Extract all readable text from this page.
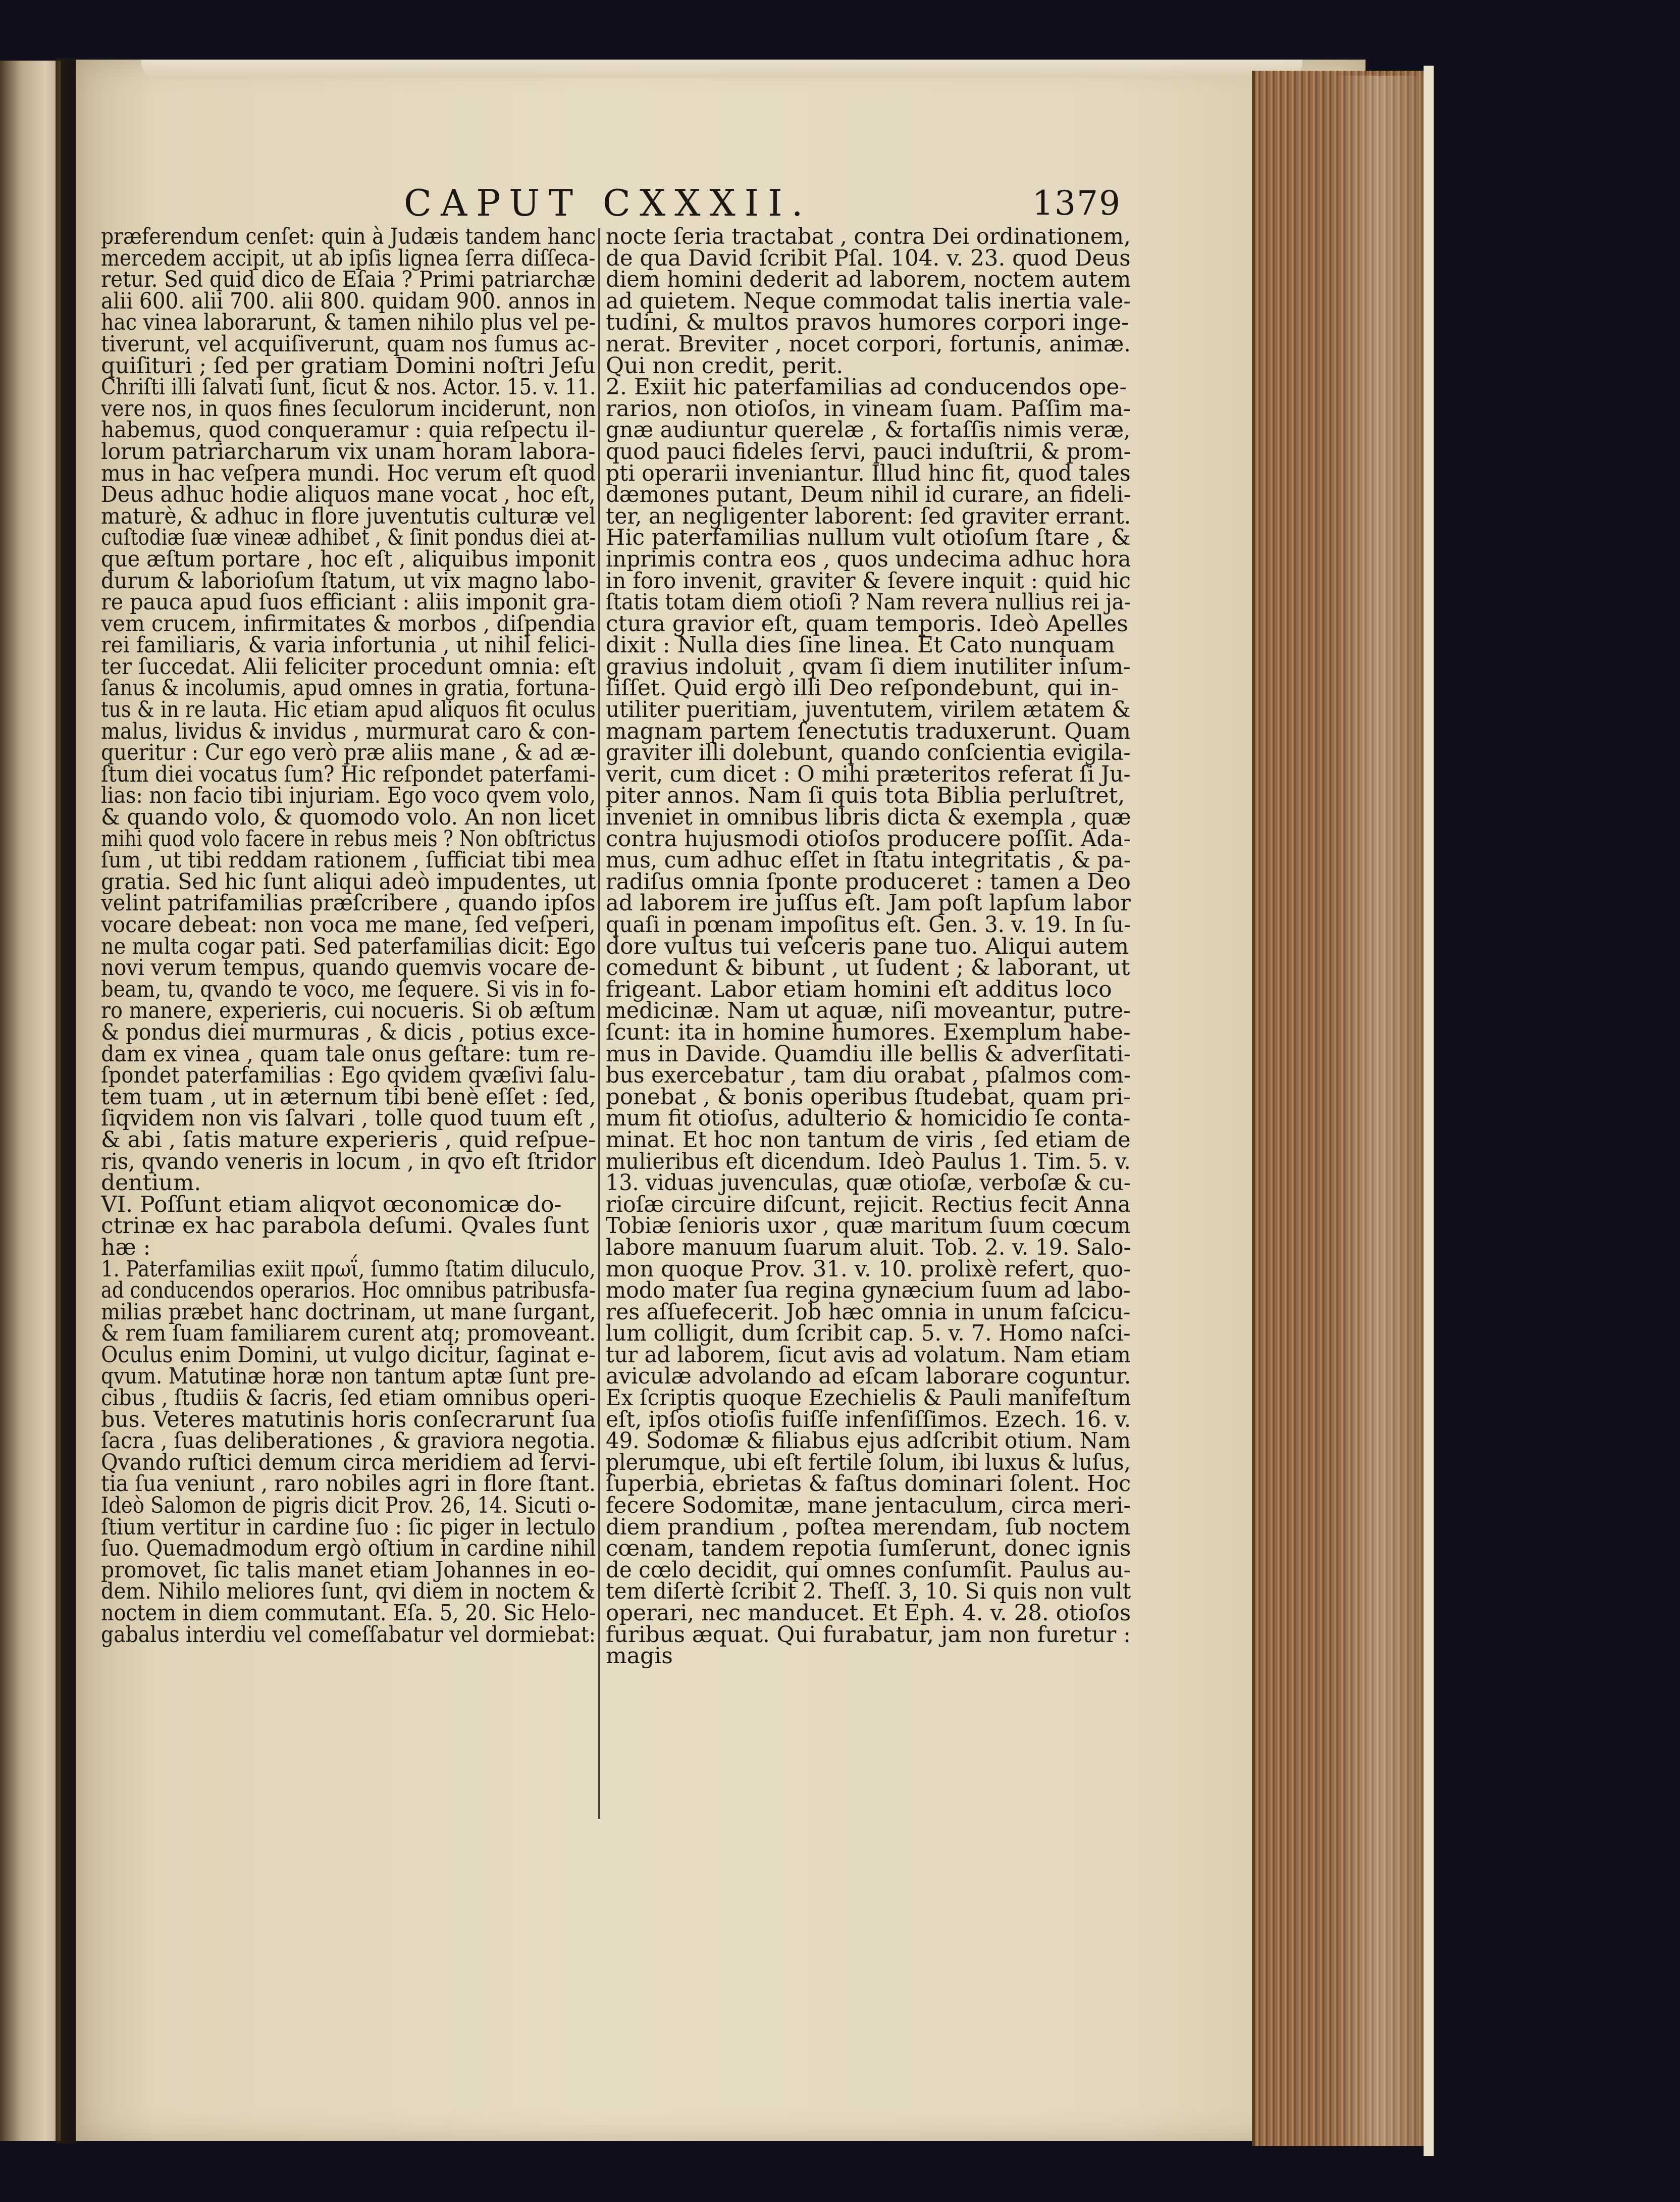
CAPUT CXXXII.	1379
præferendum cenſet: quin à Judæis tandem hanc
mercedem accipit, ut ab ipſis lignea ſerra diſſeca-
retur. Sed quid dico de Eſaia ? Primi patriarchæ
alii 600. alii 700. alii 800. quidam 900. annos in
hac vinea laborarunt, & tamen nihilo plus vel pe-
tiverunt, vel acquiſiverunt, quam nos ſumus ac-
quiſituri ; ſed per gratiam Domini noſtri Jeſu
Chriſti illi ſalvati ſunt, ſicut & nos. Actor. 15. v. 11.
vere nos, in quos fines ſeculorum inciderunt, non
habemus, quod conqueramur : quia reſpectu il-
lorum patriarcharum vix unam horam labora-
mus in hac veſpera mundi. Hoc verum eſt quod
Deus adhuc hodie aliquos mane vocat , hoc eſt,
maturè, & adhuc in flore juventutis culturæ vel
cuſtodiæ ſuæ vineæ adhibet , & ſinit pondus diei at-
que æſtum portare , hoc eſt , aliquibus imponit
durum & laborioſum ſtatum, ut vix magno labo-
re pauca apud ſuos efficiant : aliis imponit gra-
vem crucem, infirmitates & morbos , diſpendia
rei familiaris, & varia infortunia , ut nihil felici-
ter ſuccedat. Alii feliciter procedunt omnia: eſt
ſanus & incolumis, apud omnes in gratia, fortuna-
tus & in re lauta. Hic etiam apud aliquos fit oculus
malus, lividus & invidus , murmurat caro & con-
queritur : Cur ego verò præ aliis mane , & ad æ-
ſtum diei vocatus ſum? Hic reſpondet paterfami-
lias: non facio tibi injuriam. Ego voco qvem volo,
& quando volo, & quomodo volo. An non licet
mihi quod volo facere in rebus meis ? Non obſtrictus
ſum , ut tibi reddam rationem , ſufficiat tibi mea
gratia. Sed hic ſunt aliqui adeò impudentes, ut
velint patrifamilias præſcribere , quando ipſos
vocare debeat: non voca me mane, ſed veſperi,
ne multa cogar pati. Sed paterfamilias dicit: Ego
novi verum tempus, quando quemvis vocare de-
beam, tu, qvando te voco, me ſequere. Si vis in fo-
ro manere, experieris, cui nocueris. Si ob æſtum
& pondus diei murmuras , & dicis , potius exce-
dam ex vinea , quam tale onus geſtare: tum re-
ſpondet paterfamilias : Ego qvidem qvæſivi ſalu-
tem tuam , ut in æternum tibi benè eſſet : ſed,
ſiqvidem non vis ſalvari , tolle quod tuum eſt ,
& abi , ſatis mature experieris , quid reſpue-
ris, qvando veneris in locum , in qvo eſt ſtridor
dentium.
VI. Poſſunt etiam aliqvot œconomicæ do-
ctrinæ ex hac parabola deſumi. Qvales ſunt
hæ :
1. Paterfamilias exiit πρωΐ, ſummo ſtatim diluculo,
ad conducendos operarios. Hoc omnibus patribusfa-
milias præbet hanc doctrinam, ut mane ſurgant,
& rem ſuam familiarem curent atq; promoveant.
Oculus enim Domini, ut vulgo dicitur, ſaginat e-
qvum. Matutinæ horæ non tantum aptæ ſunt pre-
cibus , ſtudiis & ſacris, ſed etiam omnibus operi-
bus. Veteres matutinis horis conſecrarunt ſua
ſacra , ſuas deliberationes , & graviora negotia.
Qvando ruſtici demum circa meridiem ad ſervi-
tia ſua veniunt , raro nobiles agri in flore ſtant.
Ideò Salomon de pigris dicit Prov. 26, 14. Sicuti o-
ſtium vertitur in cardine ſuo : ſic piger in lectulo
ſuo. Quemadmodum ergò oſtium in cardine nihil
promovet, ſic talis manet etiam Johannes in eo-
dem. Nihilo meliores ſunt, qvi diem in noctem &
noctem in diem commutant. Eſa. 5, 20. Sic Helo-
gabalus interdiu vel comeſſabatur vel dormiebat:
nocte ſeria tractabat , contra Dei ordinationem,
de qua David ſcribit Pſal. 104. v. 23. quod Deus
diem homini dederit ad laborem, noctem autem
ad quietem. Neque commodat talis inertia vale-
tudini, & multos pravos humores corpori inge-
nerat. Breviter , nocet corpori, fortunis, animæ.
Qui non credit, perit.
2. Exiit hic paterfamilias ad conducendos ope-
rarios, non otioſos, in vineam ſuam. Paſſim ma-
gnæ audiuntur querelæ , & fortaſſis nimis veræ,
quod pauci fideles ſervi, pauci induſtrii, & prom-
pti operarii inveniantur. Illud hinc fit, quod tales
dæmones putant, Deum nihil id curare, an fideli-
ter, an negligenter laborent: ſed graviter errant.
Hic paterfamilias nullum vult otioſum ſtare , &
inprimis contra eos , quos undecima adhuc hora
in foro invenit, graviter & ſevere inquit : quid hic
ſtatis totam diem otioſi ? Nam revera nullius rei ja-
ctura gravior eſt, quam temporis. Ideò Apelles
dixit : Nulla dies ſine linea. Et Cato nunquam
gravius indoluit , qvam ſi diem inutiliter inſum-
ſiſſet. Quid ergò illi Deo reſpondebunt, qui in-
utiliter pueritiam, juventutem, virilem ætatem &
magnam partem ſenectutis traduxerunt. Quam
graviter illi dolebunt, quando conſcientia evigila-
verit, cum dicet : O mihi præteritos referat ſi Ju-
piter annos. Nam ſi quis tota Biblia perluſtret,
inveniet in omnibus libris dicta & exempla , quæ
contra hujusmodi otioſos producere poſſit. Ada-
mus, cum adhuc eſſet in ſtatu integritatis , & pa-
radiſus omnia ſponte produceret : tamen a Deo
ad laborem ire juſſus eſt. Jam poſt lapſum labor
quaſi in pœnam impoſitus eſt. Gen. 3. v. 19. In ſu-
dore vultus tui veſceris pane tuo. Aliqui autem
comedunt & bibunt , ut ſudent ; & laborant, ut
frigeant. Labor etiam homini eſt additus loco
medicinæ. Nam ut aquæ, niſi moveantur, putre-
ſcunt: ita in homine humores. Exemplum habe-
mus in Davide. Quamdiu ille bellis & adverſitati-
bus exercebatur , tam diu orabat , pſalmos com-
ponebat , & bonis operibus ſtudebat, quam pri-
mum fit otioſus, adulterio & homicidio ſe conta-
minat. Et hoc non tantum de viris , ſed etiam de
mulieribus eſt dicendum. Ideò Paulus 1. Tim. 5. v.
13. viduas juvenculas, quæ otioſæ, verboſæ & cu-
rioſæ circuire diſcunt, rejicit. Rectius fecit Anna
Tobiæ ſenioris uxor , quæ maritum ſuum cœcum
labore manuum ſuarum aluit. Tob. 2. v. 19. Salo-
mon quoque Prov. 31. v. 10. prolixè refert, quo-
modo mater ſua regina gynæcium ſuum ad labo-
res aſſuefecerit. Job hæc omnia in unum faſcicu-
lum colligit, dum ſcribit cap. 5. v. 7. Homo naſci-
tur ad laborem, ſicut avis ad volatum. Nam etiam
aviculæ advolando ad eſcam laborare coguntur.
Ex ſcriptis quoque Ezechielis & Pauli manifeſtum
eſt, ipſos otioſis fuiſſe infenſiſſimos. Ezech. 16. v.
49. Sodomæ & filiabus ejus adſcribit otium. Nam
plerumque, ubi eſt fertile ſolum, ibi luxus & luſus,
ſuperbia, ebrietas & faſtus dominari ſolent. Hoc
fecere Sodomitæ, mane jentaculum, circa meri-
diem prandium , poſtea merendam, ſub noctem
cœnam, tandem repotia ſumſerunt, donec ignis
de cœlo decidit, qui omnes conſumſit. Paulus au-
tem diſertè ſcribit 2. Theſſ. 3, 10. Si quis non vult
operari, nec manducet. Et Eph. 4. v. 28. otioſos
furibus æquat. Qui furabatur, jam non furetur :
magis
